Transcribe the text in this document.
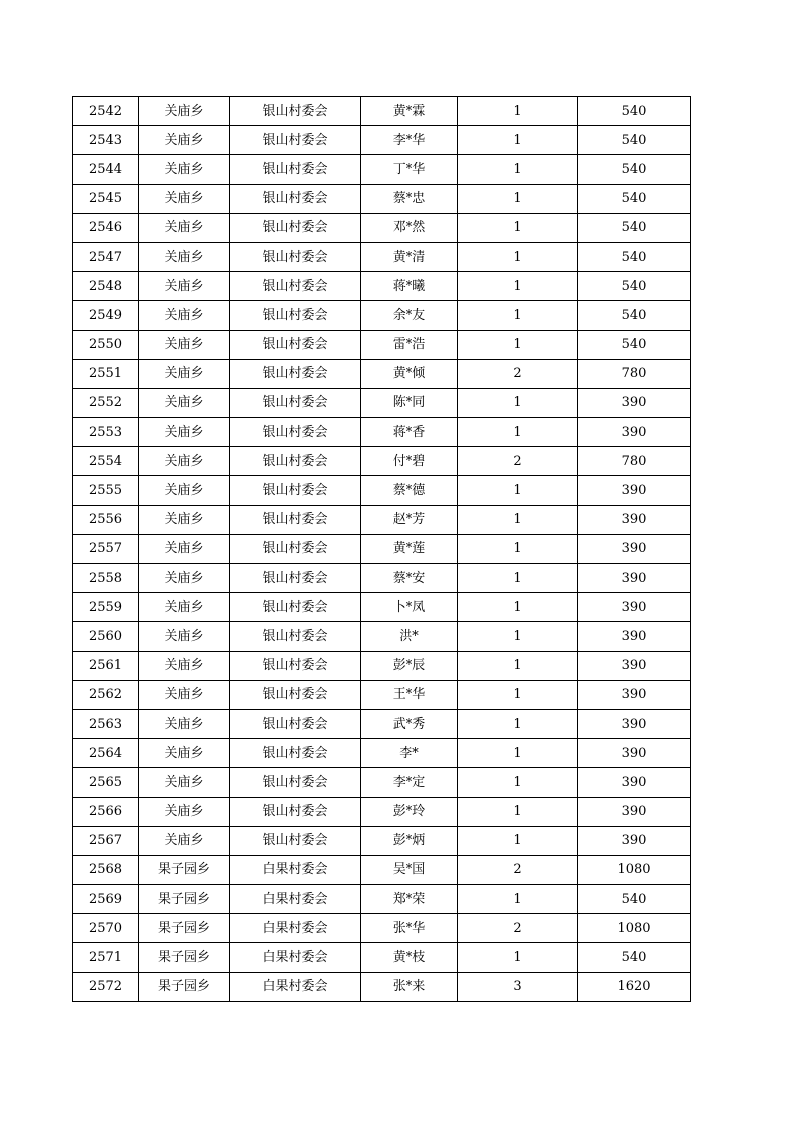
2542	关庙乡	银山村委会	黄*霖	1	540
2543	关庙乡	银山村委会	李*华	1	540
2544	关庙乡	银山村委会	丁*华	1	540
2545	关庙乡	银山村委会	蔡*忠	1	540
2546	关庙乡	银山村委会	邓*然	1	540
2547	关庙乡	银山村委会	黄*清	1	540
2548	关庙乡	银山村委会	蒋*曦	1	540
2549	关庙乡	银山村委会	余*友	1	540
2550	关庙乡	银山村委会	雷*浩	1	540
2551	关庙乡	银山村委会	黄*倾	2	780
2552	关庙乡	银山村委会	陈*同	1	390
2553	关庙乡	银山村委会	蒋*香	1	390
2554	关庙乡	银山村委会	付*碧	2	780
2555	关庙乡	银山村委会	蔡*德	1	390
2556	关庙乡	银山村委会	赵*芳	1	390
2557	关庙乡	银山村委会	黄*莲	1	390
2558	关庙乡	银山村委会	蔡*安	1	390
2559	关庙乡	银山村委会	卜*凤	1	390
2560	关庙乡	银山村委会	洪*	1	390
2561	关庙乡	银山村委会	彭*辰	1	390
2562	关庙乡	银山村委会	王*华	1	390
2563	关庙乡	银山村委会	武*秀	1	390
2564	关庙乡	银山村委会	李*	1	390
2565	关庙乡	银山村委会	李*定	1	390
2566	关庙乡	银山村委会	彭*玲	1	390
2567	关庙乡	银山村委会	彭*炳	1	390
2568	果子园乡	白果村委会	吴*国	2	1080
2569	果子园乡	白果村委会	郑*荣	1	540
2570	果子园乡	白果村委会	张*华	2	1080
2571	果子园乡	白果村委会	黄*枝	1	540
2572	果子园乡	白果村委会	张*来	3	1620
